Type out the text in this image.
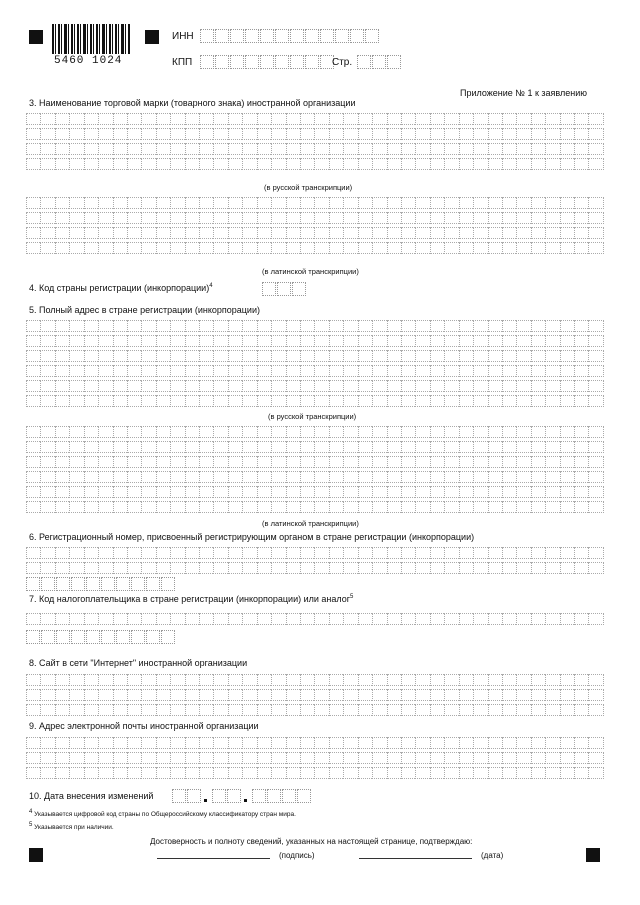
5460 1024
ИНН
КПП	Стр.
Приложение № 1 к заявлению
3. Наименование торговой марки (товарного знака) иностранной организации
(в русской транскрипции)
(в латинской транскрипции)
4. Код страны регистрации (инкорпорации)$^4$
5. Полный адрес в стране регистрации (инкорпорации)
(в русской транскрипции)
(в латинской транскрипции)
6. Регистрационный номер, присвоенный регистрирующим органом в стране регистрации (инкорпорации)
7. Код налогоплательщика в стране регистрации (инкорпорации) или аналог$^5$
8. Сайт в сети "Интернет" иностранной организации
9. Адрес электронной почты иностранной организации
10. Дата внесения изменений
4 Указывается цифровой код страны по Общероссийскому классификатору стран мира.
5 Указывается при наличии.
Достоверность и полноту сведений, указанных на настоящей странице, подтверждаю:
(подпись)	(дата)
